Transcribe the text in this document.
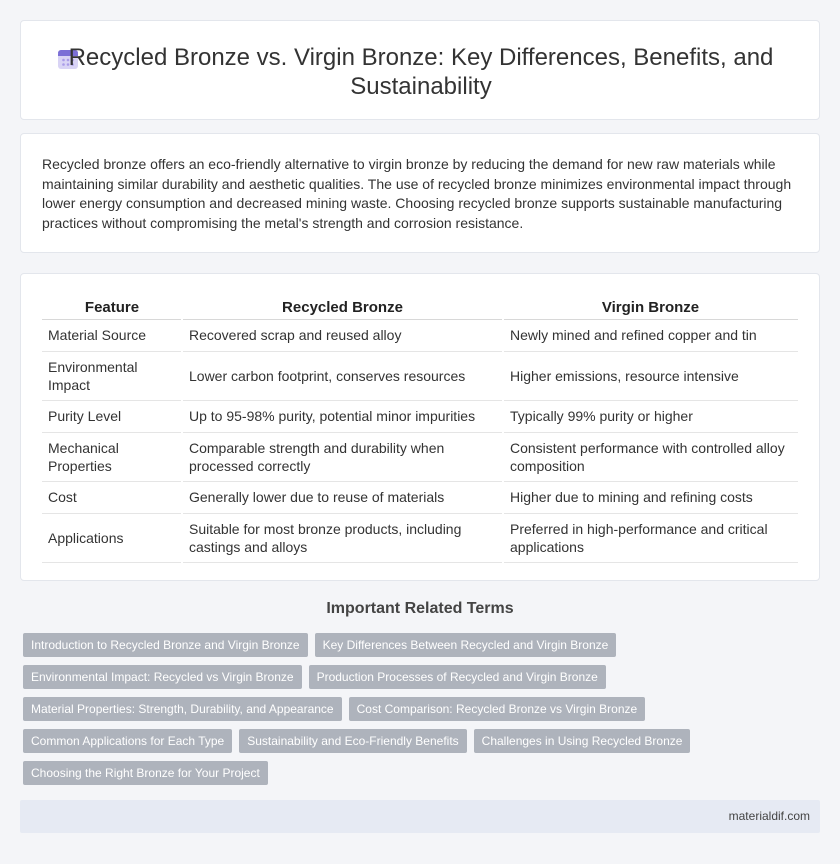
Recycled Bronze vs. Virgin Bronze: Key Differences, Benefits, and Sustainability

Recycled bronze offers an eco-friendly alternative to virgin bronze by reducing the demand for new raw materials while maintaining similar durability and aesthetic qualities. The use of recycled bronze minimizes environmental impact through lower energy consumption and decreased mining waste. Choosing recycled bronze supports sustainable manufacturing practices without compromising the metal's strength and corrosion resistance.

Feature	Recycled Bronze	Virgin Bronze
Material Source	Recovered scrap and reused alloy	Newly mined and refined copper and tin
Environmental Impact	Lower carbon footprint, conserves resources	Higher emissions, resource intensive
Purity Level	Up to 95-98% purity, potential minor impurities	Typically 99% purity or higher
Mechanical Properties	Comparable strength and durability when processed correctly	Consistent performance with controlled alloy composition
Cost	Generally lower due to reuse of materials	Higher due to mining and refining costs
Applications	Suitable for most bronze products, including castings and alloys	Preferred in high-performance and critical applications
Important Related Terms
Introduction to Recycled Bronze and Virgin Bronze	Key Differences Between Recycled and Virgin Bronze
Environmental Impact: Recycled vs Virgin Bronze	Production Processes of Recycled and Virgin Bronze
Material Properties: Strength, Durability, and Appearance	Cost Comparison: Recycled Bronze vs Virgin Bronze
Common Applications for Each Type	Sustainability and Eco-Friendly Benefits	Challenges in Using Recycled Bronze
Choosing the Right Bronze for Your Project
materialdif.com
